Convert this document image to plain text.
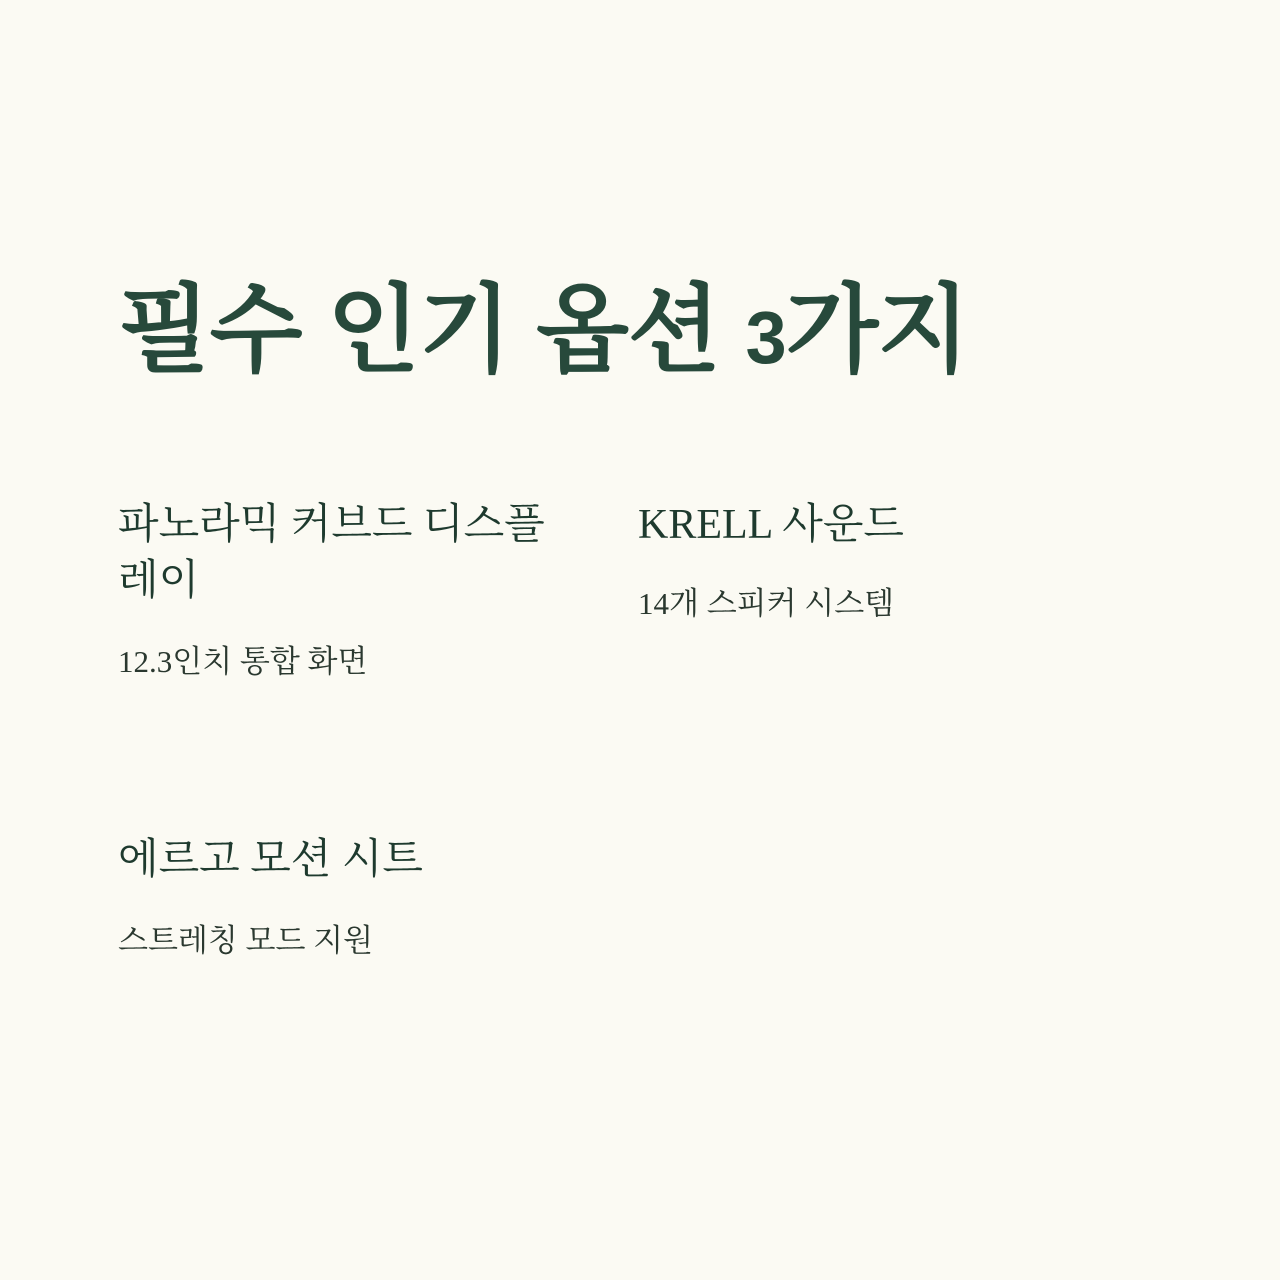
필수 인기 옵션 3가지

파노라믹 커브드 디스플레이

12.3인치 통합 화면

KRELL 사운드

14개 스피커 시스템

에르고 모션 시트

스트레칭 모드 지원
